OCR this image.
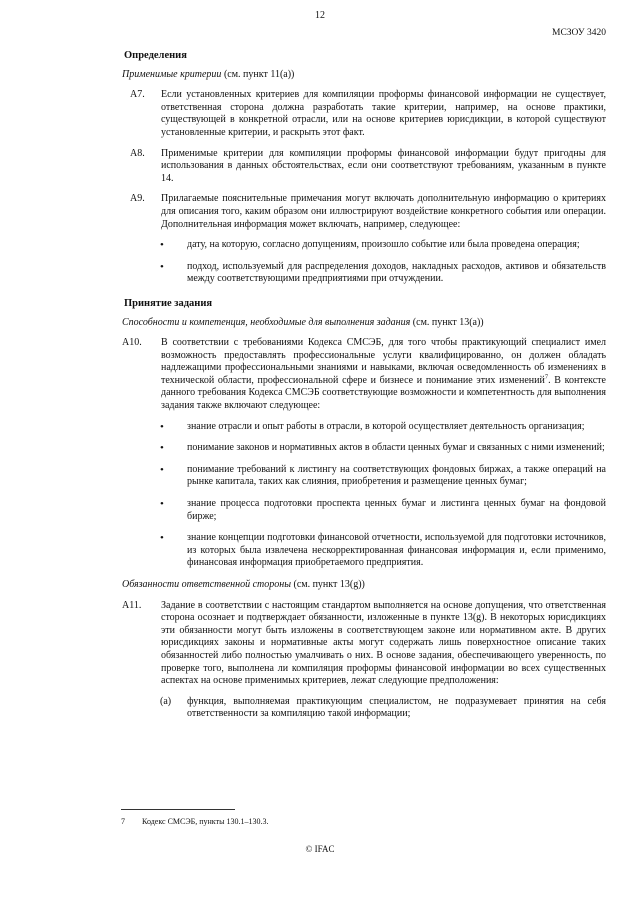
12
МСЗОУ 3420
Определения
Применимые критерии (см. пункт 11(а))
A7. Если установленных критериев для компиляции проформы финансовой информации не существует, ответственная сторона должна разработать такие критерии, например, на основе практики, существующей в конкретной отрасли, или на основе критериев юрисдикции, в которой существуют установленные критерии, и раскрыть этот факт.
A8. Применимые критерии для компиляции проформы финансовой информации будут пригодны для использования в данных обстоятельствах, если они соответствуют требованиям, указанным в пункте 14.
A9. Прилагаемые пояснительные примечания могут включать дополнительную информацию о критериях для описания того, каким образом они иллюстрируют воздействие конкретного события или операции. Дополнительная информация может включать, например, следующее:
• дату, на которую, согласно допущениям, произошло событие или была проведена операция;
• подход, используемый для распределения доходов, накладных расходов, активов и обязательств между соответствующими предприятиями при отчуждении.
Принятие задания
Способности и компетенция, необходимые для выполнения задания (см. пункт 13(а))
A10. В соответствии с требованиями Кодекса СМСЭБ, для того чтобы практикующий специалист имел возможность предоставлять профессиональные услуги квалифицированно, он должен обладать надлежащими профессиональными знаниями и навыками, включая осведомленность об изменениях в технической области, профессиональной сфере и бизнесе и понимание этих изменений$^7$. В контексте данного требования Кодекса СМСЭБ соответствующие возможности и компетентность для выполнения задания также включают следующее:
• знание отрасли и опыт работы в отрасли, в которой осуществляет деятельность организация;
• понимание законов и нормативных актов в области ценных бумаг и связанных с ними изменений;
• понимание требований к листингу на соответствующих фондовых биржах, а также операций на рынке капитала, таких как слияния, приобретения и размещение ценных бумаг;
• знание процесса подготовки проспекта ценных бумаг и листинга ценных бумаг на фондовой бирже;
• знание концепции подготовки финансовой отчетности, используемой для подготовки источников, из которых была извлечена нескорректированная финансовая информация и, если применимо, финансовая информация приобретаемого предприятия.
Обязанности ответственной стороны (см. пункт 13(g))
A11. Задание в соответствии с настоящим стандартом выполняется на основе допущения, что ответственная сторона осознает и подтверждает обязанности, изложенные в пункте 13(g). В некоторых юрисдикциях эти обязанности могут быть изложены в соответствующем законе или нормативном акте. В других юрисдикциях законы и нормативные акты могут содержать лишь поверхностное описание таких обязанностей либо полностью умалчивать о них. В основе задания, обеспечивающего уверенность, по проверке того, выполнена ли компиляция проформы финансовой информации во всех существенных аспектах на основе применимых критериев, лежат следующие предположения:
(a) функция, выполняемая практикующим специалистом, не подразумевает принятия на себя ответственности за компиляцию такой информации;
7 Кодекс СМСЭБ, пункты 130.1–130.3.
© IFAC
